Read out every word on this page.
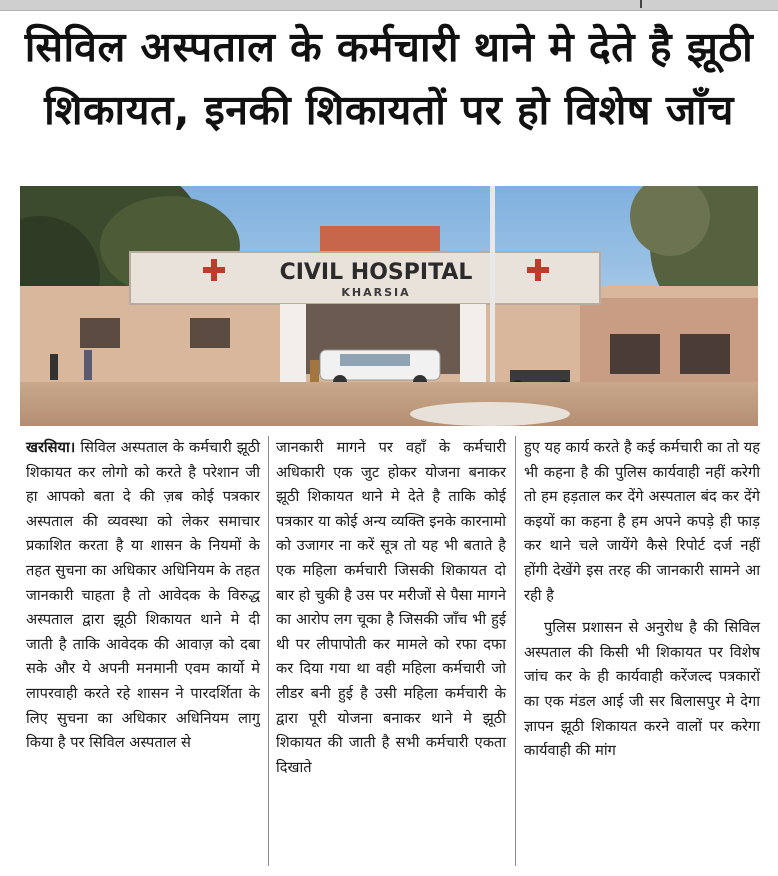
सिविल अस्पताल के कर्मचारी थाने मे देते है झूठी
शिकायत, इनकी शिकायतों पर हो विशेष जाँच
CIVIL HOSPITAL
KHARSIA
खरसिया। सिविल अस्पताल के कर्मचारी झूठी शिकायत कर लोगो को करते है परेशान जी हा आपको बता दे की ज़ब कोई पत्रकार अस्पताल की व्यवस्था को लेकर समाचार प्रकाशित करता है या शासन के नियमों के तहत सुचना का अधिकार अधिनियम के तहत जानकारी चाहता है तो आवेदक के विरुद्ध अस्पताल द्वारा झूठी शिकायत थाने मे दी जाती है ताकि आवेदक की आवाज़ को दबा सके और ये अपनी मनमानी एवम कार्यो मे लापरवाही करते रहे शासन ने पारदर्शिता के लिए सुचना का अधिकार अधिनियम लागु किया है पर सिविल अस्पताल से
जानकारी मागने पर वहाँ के कर्मचारी अधिकारी एक जुट होकर योजना बनाकर झूठी शिकायत थाने मे देते है ताकि कोई पत्रकार या कोई अन्य व्यक्ति इनके कारनामो को उजागर ना करें सूत्र तो यह भी बताते है एक महिला कर्मचारी जिसकी शिकायत दो बार हो चुकी है उस पर मरीजों से पैसा मागने का आरोप लग चूका है जिसकी जाँच भी हुई थी पर लीपापोती कर मामले को रफा दफा कर दिया गया था वही महिला कर्मचारी जो लीडर बनी हुई है उसी महिला कर्मचारी के द्वारा पूरी योजना बनाकर थाने मे झूठी शिकायत की जाती है सभी कर्मचारी एकता दिखाते
हुए यह कार्य करते है कई कर्मचारी का तो यह भी कहना है की पुलिस कार्यवाही नहीं करेगी तो हम हड़ताल कर देंगे अस्पताल बंद कर देंगे कइयों का कहना है हम अपने कपड़े ही फाड़ कर थाने चले जायेंगे कैसे रिपोर्ट दर्ज नहीं होंगी देखेंगे इस तरह की जानकारी सामने आ रही है
पुलिस प्रशासन से अनुरोध है की सिविल अस्पताल की किसी भी शिकायत पर विशेष जांच कर के ही कार्यवाही करेंजल्द पत्रकारों का एक मंडल आई जी सर बिलासपुर मे देगा ज्ञापन झूठी शिकायत करने वालों पर करेगा कार्यवाही की मांग
